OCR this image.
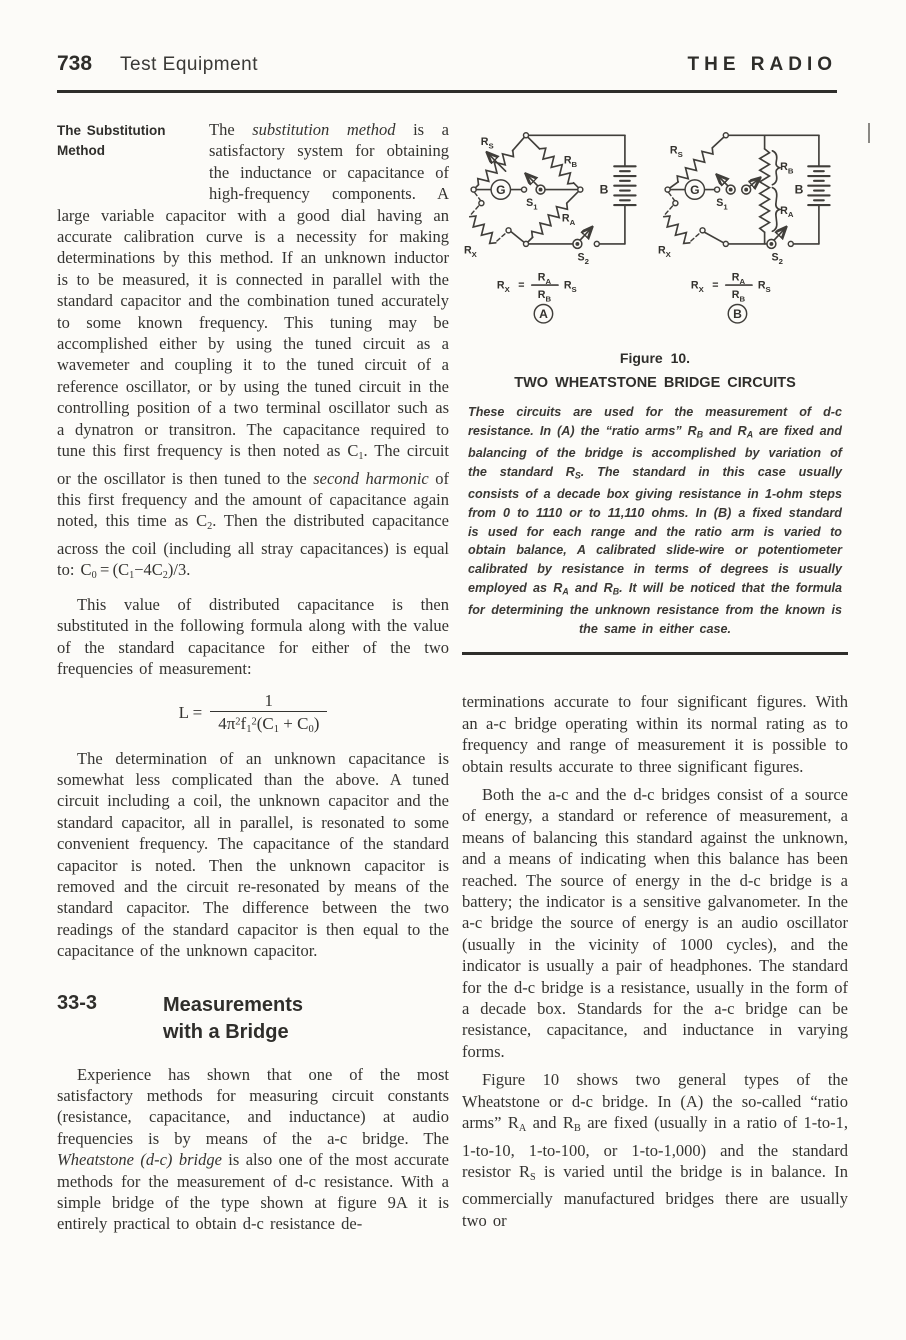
738 Test Equipment	THE RADIO
The Substitution
Method
The substitution method is a satisfactory system for obtaining the inductance or capacitance of high-frequency components. A large variable capacitor with a good dial having an accurate calibration curve is a necessity for making determinations by this method. If an unknown inductor is to be measured, it is connected in parallel with the standard capacitor and the combination tuned accurately to some known frequency. This tuning may be accomplished either by using the tuned circuit as a wavemeter and coupling it to the tuned circuit of a reference oscillator, or by using the tuned circuit in the controlling position of a two terminal oscillator such as a dynatron or transitron. The capacitance required to tune this first frequency is then noted as $C_1$. The circuit or the oscillator is then tuned to the second harmonic of this first frequency and the amount of capacitance again noted, this time as $C_2$. Then the distributed capacitance across the coil (including all stray capacitances) is equal to: $C_0 = (C_1-4C_2)/3$.
This value of distributed capacitance is then substituted in the following formula along with the value of the standard capacitance for either of the two frequencies of measurement:
$L = \frac{1}{4\pi^2f_1^2(C_1 + C_0)}$
The determination of an unknown capacitance is somewhat less complicated than the above. A tuned circuit including a coil, the unknown capacitor and the standard capacitor, all in parallel, is resonated to some convenient frequency. The capacitance of the standard capacitor is noted. Then the unknown capacitor is removed and the circuit re-resonated by means of the standard capacitor. The difference between the two readings of the standard capacitor is then equal to the capacitance of the unknown capacitor.
33-3	Measurements
with a Bridge
Experience has shown that one of the most satisfactory methods for measuring circuit constants (resistance, capacitance, and inductance) at audio frequencies is by means of the a-c bridge. The Wheatstone (d-c) bridge is also one of the most accurate methods for the measurement of d-c resistance. With a simple bridge of the type shown at figure 9A it is entirely practical to obtain d-c resistance de-
G
$R_S$
$R_B$
$R_A$
$R_X$
$S_1$
$S_2$
B
$R_X$ =
$R_A$
$R_B$
$R_S$
A
G
$R_S$
$R_B$
$R_A$
$R_X$
$S_1$
$S_2$
B
$R_X$ =
$R_A$
$R_B$
$R_S$
B
Figure 10.
TWO WHEATSTONE BRIDGE CIRCUITS
These circuits are used for the measurement of d-c resistance. In (A) the “ratio arms” $R_B$ and $R_A$ are fixed and balancing of the bridge is accomplished by variation of the standard $R_S$. The standard in this case usually consists of a decade box giving resistance in 1-ohm steps from 0 to 1110 or to 11,110 ohms. In (B) a fixed standard is used for each range and the ratio arm is varied to obtain balance, A calibrated slide-wire or potentiometer calibrated by resistance in terms of degrees is usually employed as $R_A$ and $R_B$. It will be noticed that the formula for determining the unknown resistance from the known is the same in either case.
terminations accurate to four significant figures. With an a-c bridge operating within its normal rating as to frequency and range of measurement it is possible to obtain results accurate to three significant figures.
Both the a-c and the d-c bridges consist of a source of energy, a standard or reference of measurement, a means of balancing this standard against the unknown, and a means of indicating when this balance has been reached. The source of energy in the d-c bridge is a battery; the indicator is a sensitive galvanometer. In the a-c bridge the source of energy is an audio oscillator (usually in the vicinity of 1000 cycles), and the indicator is usually a pair of headphones. The standard for the d-c bridge is a resistance, usually in the form of a decade box. Standards for the a-c bridge can be resistance, capacitance, and inductance in varying forms.
Figure 10 shows two general types of the Wheatstone or d-c bridge. In (A) the so-called “ratio arms” $R_A$ and $R_B$ are fixed (usually in a ratio of 1-to-1, 1-to-10, 1-to-100, or 1-to-1,000) and the standard resistor $R_S$ is varied until the bridge is in balance. In commercially manufactured bridges there are usually two or
